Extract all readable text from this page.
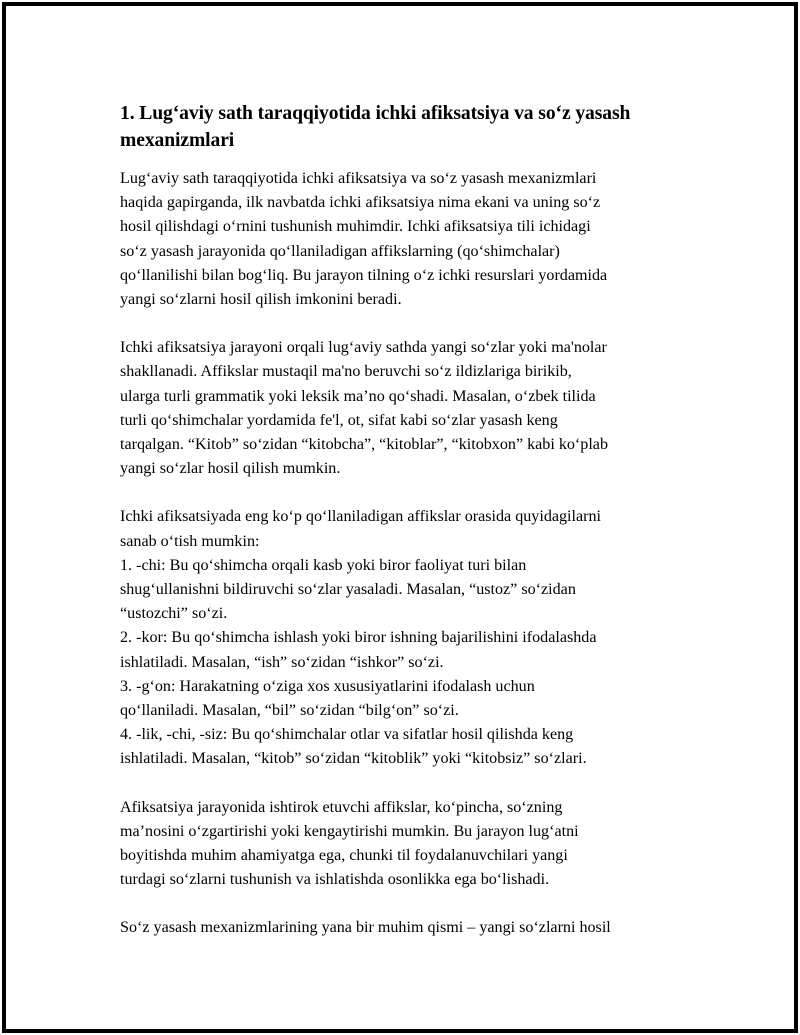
1. Lug‘aviy sath taraqqiyotida ichki afiksatsiya va so‘z yasash
mexanizmlari

Lug‘aviy sath taraqqiyotida ichki afiksatsiya va so‘z yasash mexanizmlari
haqida gapirganda, ilk navbatda ichki afiksatsiya nima ekani va uning so‘z
hosil qilishdagi o‘rnini tushunish muhimdir. Ichki afiksatsiya tili ichidagi
so‘z yasash jarayonida qo‘llaniladigan affikslarning (qo‘shimchalar)
qo‘llanilishi bilan bog‘liq. Bu jarayon tilning o‘z ichki resurslari yordamida
yangi so‘zlarni hosil qilish imkonini beradi.

Ichki afiksatsiya jarayoni orqali lug‘aviy sathda yangi so‘zlar yoki ma'nolar
shakllanadi. Affikslar mustaqil ma'no beruvchi so‘z ildizlariga birikib,
ularga turli grammatik yoki leksik ma’no qo‘shadi. Masalan, o‘zbek tilida
turli qo‘shimchalar yordamida fe'l, ot, sifat kabi so‘zlar yasash keng
tarqalgan. “Kitob” so‘zidan “kitobcha”, “kitoblar”, “kitobxon” kabi ko‘plab
yangi so‘zlar hosil qilish mumkin.

Ichki afiksatsiyada eng ko‘p qo‘llaniladigan affikslar orasida quyidagilarni
sanab o‘tish mumkin:
1. -chi: Bu qo‘shimcha orqali kasb yoki biror faoliyat turi bilan
shug‘ullanishni bildiruvchi so‘zlar yasaladi. Masalan, “ustoz” so‘zidan
“ustozchi” so‘zi.
2. -kor: Bu qo‘shimcha ishlash yoki biror ishning bajarilishini ifodalashda
ishlatiladi. Masalan, “ish” so‘zidan “ishkor” so‘zi.
3. -g‘on: Harakatning o‘ziga xos xususiyatlarini ifodalash uchun
qo‘llaniladi. Masalan, “bil” so‘zidan “bilg‘on” so‘zi.
4. -lik, -chi, -siz: Bu qo‘shimchalar otlar va sifatlar hosil qilishda keng
ishlatiladi. Masalan, “kitob” so‘zidan “kitoblik” yoki “kitobsiz” so‘zlari.

Afiksatsiya jarayonida ishtirok etuvchi affikslar, ko‘pincha, so‘zning
ma’nosini o‘zgartirishi yoki kengaytirishi mumkin. Bu jarayon lug‘atni
boyitishda muhim ahamiyatga ega, chunki til foydalanuvchilari yangi
turdagi so‘zlarni tushunish va ishlatishda osonlikka ega bo‘lishadi.

So‘z yasash mexanizmlarining yana bir muhim qismi – yangi so‘zlarni hosil
